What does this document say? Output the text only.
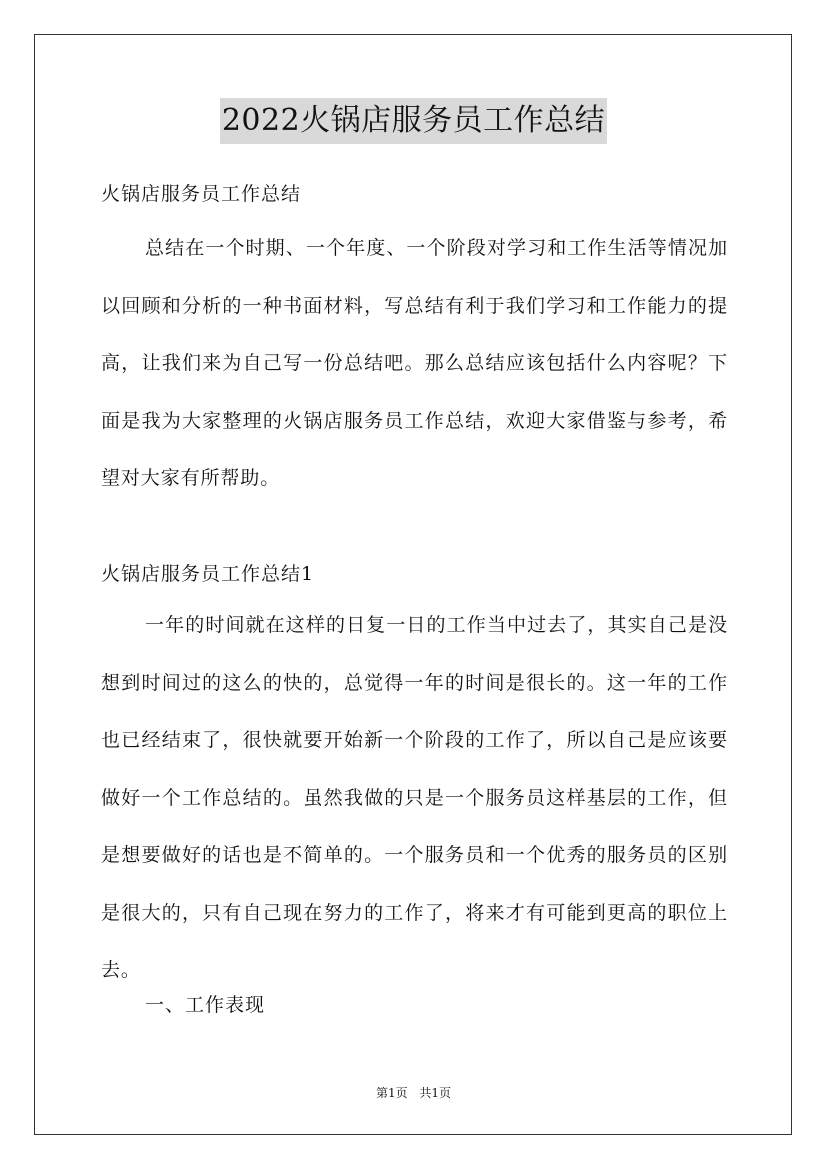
2022火锅店服务员工作总结
火锅店服务员工作总结

总结在一个时期、一个年度、一个阶段对学习和工作生活等情况加以回顾和分析的一种书面材料，写总结有利于我们学习和工作能力的提高，让我们来为自己写一份总结吧。那么总结应该包括什么内容呢？下面是我为大家整理的火锅店服务员工作总结，欢迎大家借鉴与参考，希望对大家有所帮助。

火锅店服务员工作总结1

一年的时间就在这样的日复一日的工作当中过去了，其实自己是没想到时间过的这么的快的，总觉得一年的时间是很长的。这一年的工作也已经结束了，很快就要开始新一个阶段的工作了，所以自己是应该要做好一个工作总结的。虽然我做的只是一个服务员这样基层的工作，但是想要做好的话也是不简单的。一个服务员和一个优秀的服务员的区别是很大的，只有自己现在努力的工作了，将来才有可能到更高的职位上去。

一、工作表现
第1页 共1页
